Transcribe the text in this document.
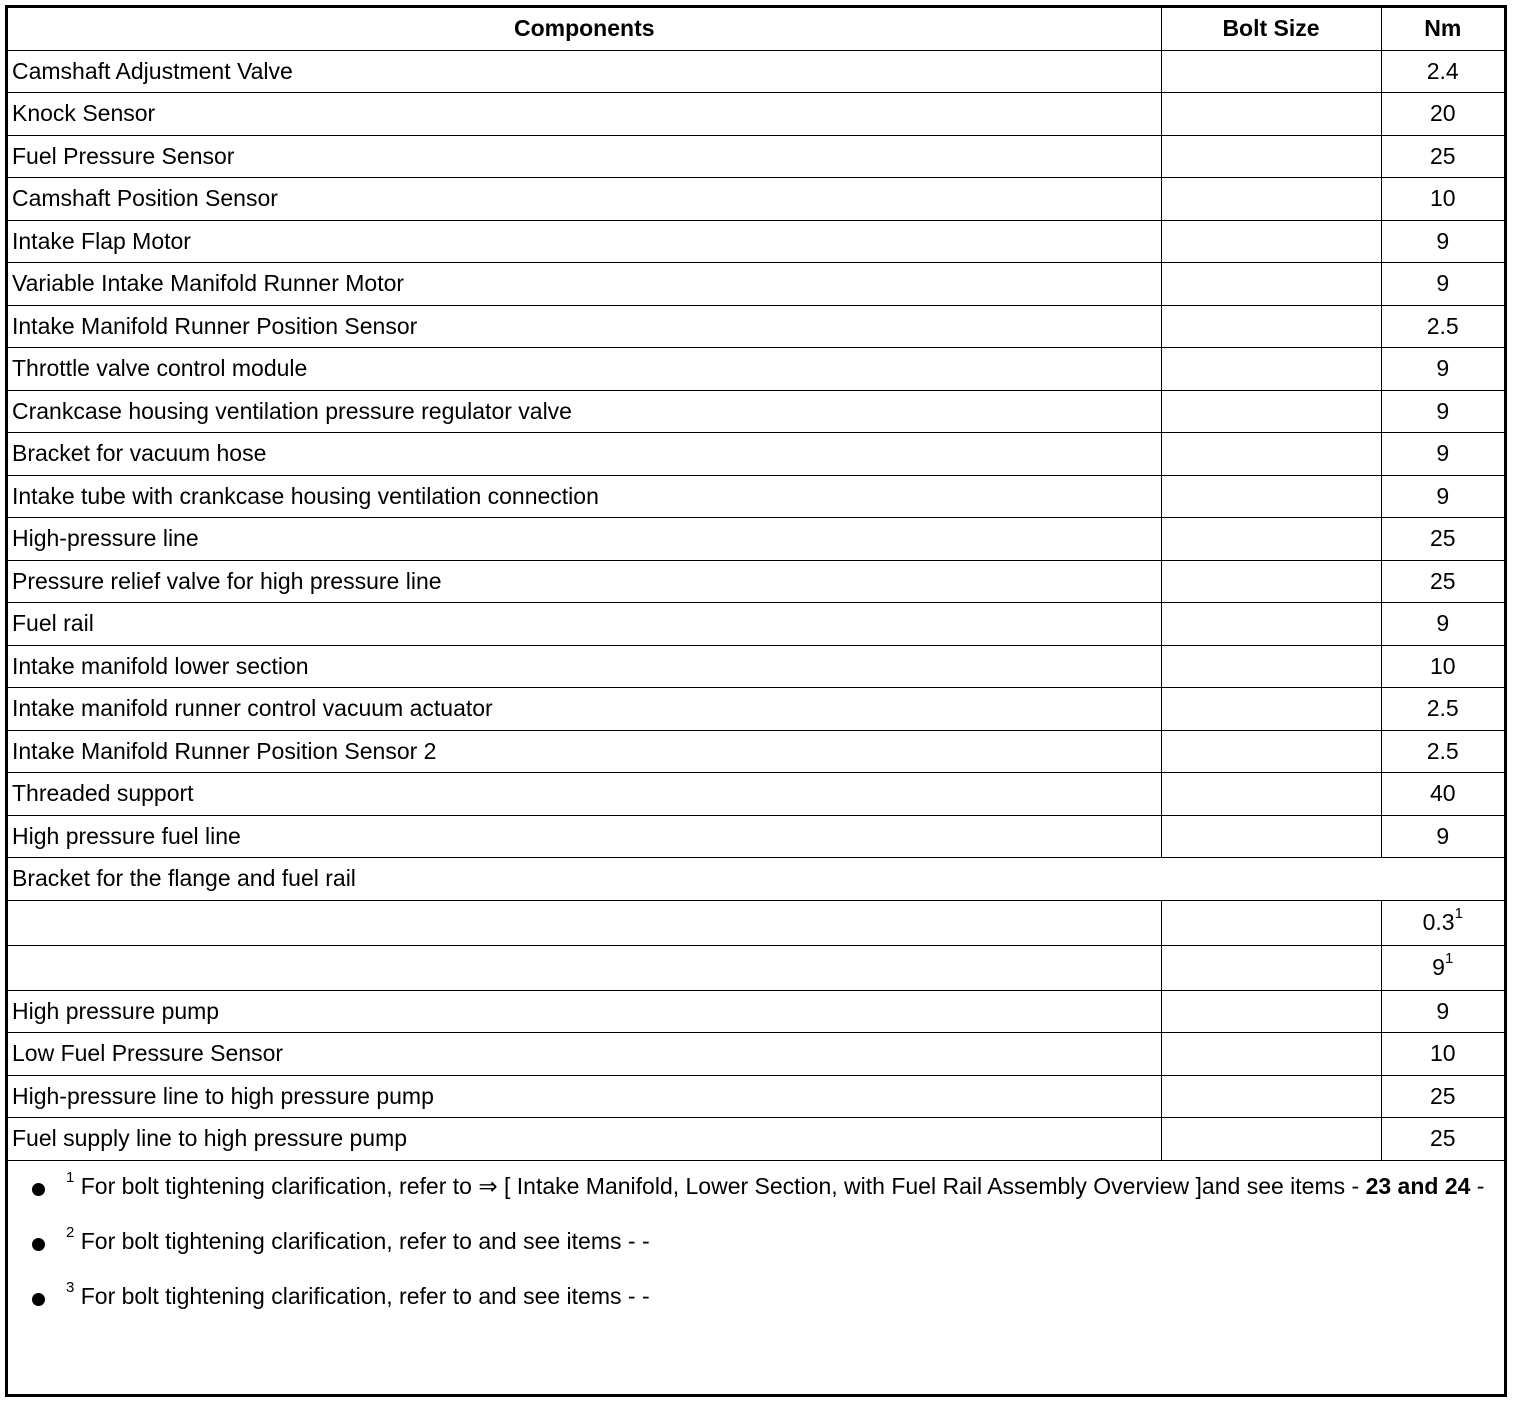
Components	Bolt Size	Nm
Camshaft Adjustment Valve		2.4
Knock Sensor		20
Fuel Pressure Sensor		25
Camshaft Position Sensor		10
Intake Flap Motor		9
Variable Intake Manifold Runner Motor		9
Intake Manifold Runner Position Sensor		2.5
Throttle valve control module		9
Crankcase housing ventilation pressure regulator valve		9
Bracket for vacuum hose		9
Intake tube with crankcase housing ventilation connection		9
High-pressure line		25
Pressure relief valve for high pressure line		25
Fuel rail		9
Intake manifold lower section		10
Intake manifold runner control vacuum actuator		2.5
Intake Manifold Runner Position Sensor 2		2.5
Threaded support		40
High pressure fuel line		9
Bracket for the flange and fuel rail		
		$0.3^1$
		$9^1$
High pressure pump		9
Low Fuel Pressure Sensor		10
High-pressure line to high pressure pump		25
Fuel supply line to high pressure pump		25
$^1$ For bolt tightening clarification, refer to ⇒ [ Intake Manifold, Lower Section, with Fuel Rail Assembly Overview ]and see items - 23 and 24 -
$^2$ For bolt tightening clarification, refer to and see items - -
$^3$ For bolt tightening clarification, refer to and see items - -
